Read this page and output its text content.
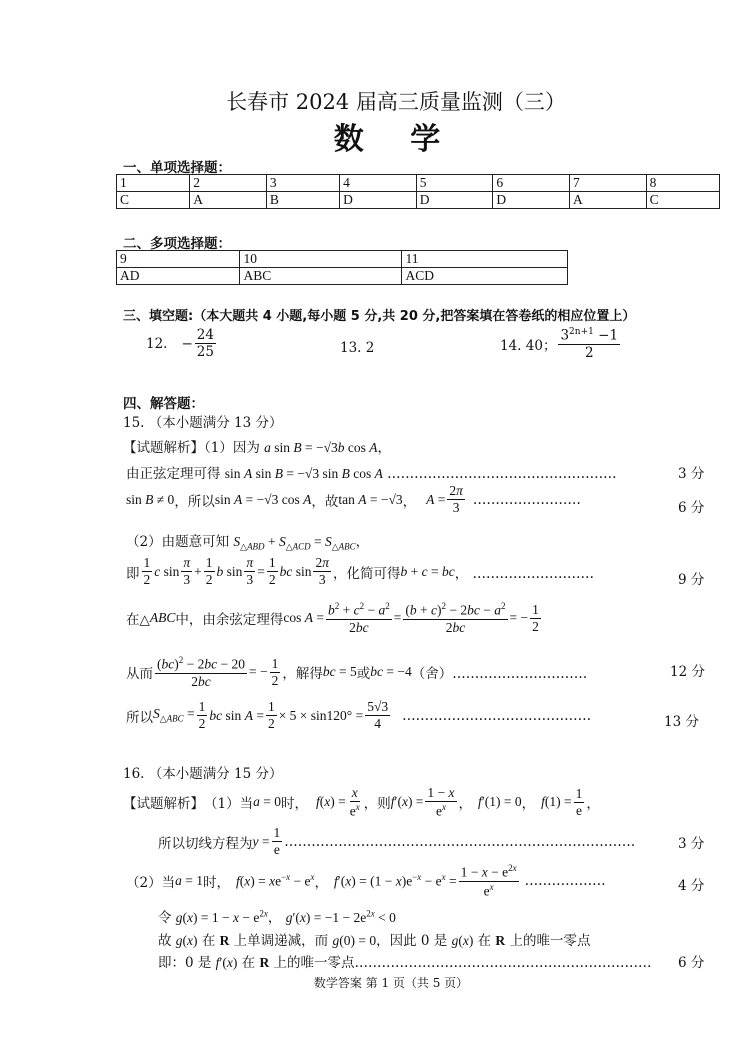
长春市 2024 届高三质量监测（三）
数 学
一、单项选择题：
1	2	3	4	5	6	7	8
C	A	B	D	D	D	A	C
二、多项选择题：
9	10	11
AD	ABC	ACD
三、填空题:（本大题共 4 小题,每小题 5 分,共 20 分,把答案填在答卷纸的相应位置上）
12. − $\frac{24}{25}$	13. 2	14. 40； $\frac{3^{2n+1} -1}{2}$
四、解答题：
15. （本小题满分 13 分）
【试题解析】（1）因为 a sin B = −√3b cos A，
由正弦定理可得 sin A sin B = −√3 sin B cos A ……………………………………………	3 分
sin B ≠ 0 ，所以 sin A = −√3 cos A ，故 tan A = −√3 ， $A = \frac{2\pi}{3}$ ……………………
6 分
（2）由题意可知 $S_{\triangle ABD} + S_{\triangle ACD} = S_{\triangle ABC}$，
即 $\frac{1}{2}$ c $\sin \frac{\pi}{3} + \frac{1}{2}$ b $\sin \frac{\pi}{3} = \frac{1}{2}$ bc $\sin \frac{2\pi}{3}$ ，化简可得 b + c = bc ， ………………………	9 分
在△ ABC 中，由余弦定理得 $\cos A = \frac{b^2 + c^2 - a^2}{2bc} = \frac{(b + c)^2 - 2bc - a^2}{2bc}$ = − $\frac{1}{2}$
从而 $\frac{(bc)^2 - 2bc - 20}{2bc}$ = − $\frac{1}{2}$ ，解得 bc = 5 或 bc = −4 （舍）…………………………	12 分
所以 $S_{\triangle ABC} = \frac{1}{2}$ bc $\sin A = \frac{1}{2} \times 5 \times \sin 120^\circ = \frac{5√3}{4}$ ……………………………………	13 分
16. （本小题满分 15 分）
【试题解析】 （1）当 a = 0 时， $f(x) = \frac{x}{e^x}$ ，则 $f'(x) = \frac{1 - x}{e^x}$ ， f′(1) = 0 ， $f(1) = \frac{1}{e}$ ，
所以切线方程为 $y = \frac{1}{e}$ ……………………………………………………………………	3 分
（2）当 a = 1 时， $f(x) = xe^{-x} - e^x$ ， $f'(x) = (1 - x)e^{-x} - e^x = \frac{1 - x - e^{2x}}{e^x}$ ………………	4 分
令 $g(x) = 1 - x - e^{2x}$， $g'(x) = -1 - 2e^{2x} < 0$
故 g(x) 在 R 上单调递减，而 g(0) = 0，因此 0 是 g(x) 在 R 上的唯一零点
即：0 是 f′(x) 在 R 上的唯一零点………………………………………………………… 6 分
数学答案 第 1 页（共 5 页）
